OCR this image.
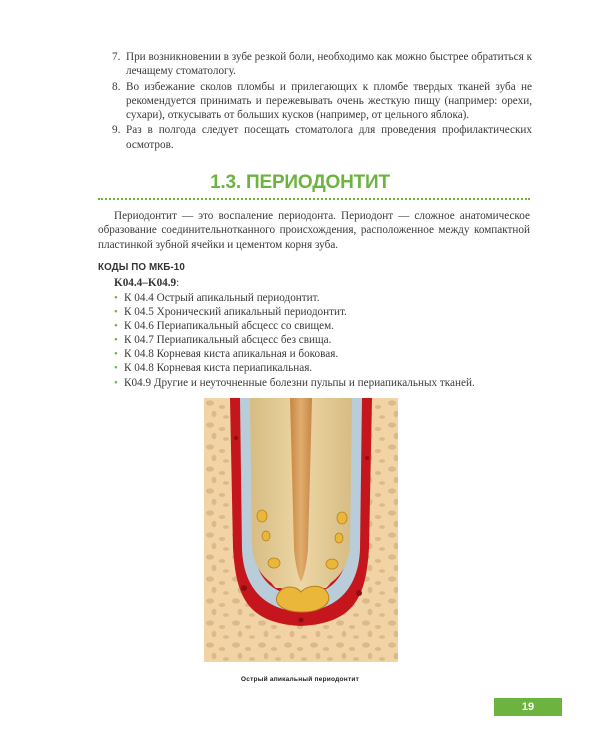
7. При возникновении в зубе резкой боли, необходимо как можно быстрее обратиться к лечащему стоматологу.
8. Во избежание сколов пломбы и прилегающих к пломбе твердых тканей зуба не рекомендуется принимать и пережевывать очень жесткую пищу (например: орехи, сухари), откусывать от больших кусков (например, от цельного яблока).
9. Раз в полгода следует посещать стоматолога для проведения профилактических осмотров.
1.3. ПЕРИОДОНТИТ
Периодонтит — это воспаление периодонта. Периодонт — сложное анатомическое образование соединительнотканного происхождения, расположенное между компактной пластинкой зубной ячейки и цементом корня зуба.
КОДЫ ПО МКБ-10
K04.4–K04.9:
• К 04.4 Острый апикальный периодонтит.
• К 04.5 Хронический апикальный периодонтит.
• К 04.6 Периапикальный абсцесс со свищем.
• К 04.7 Периапикальный абсцесс без свища.
• К 04.8 Корневая киста апикальная и боковая.
• К 04.8 Корневая киста периапикальная.
• К04.9 Другие и неуточненные болезни пульпы и периапикальных тканей.
Острый апикальный периодонтит
19
